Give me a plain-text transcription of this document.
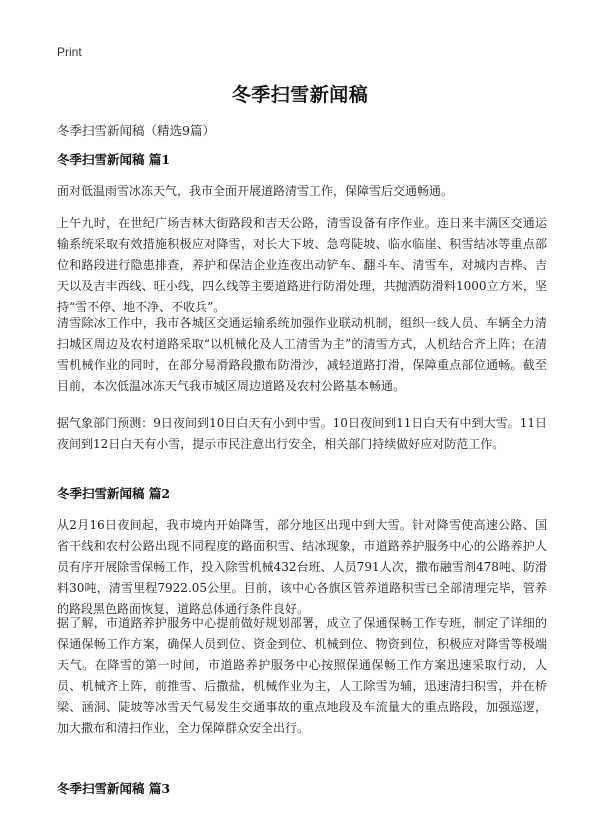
Print
冬季扫雪新闻稿
冬季扫雪新闻稿（精选9篇）
冬季扫雪新闻稿 篇1
面对低温雨雪冰冻天气，我市全面开展道路清雪工作，保障雪后交通畅通。
上午九时，在世纪广场吉林大街路段和吉天公路，清雪设备有序作业。连日来丰满区交通运输系统采取有效措施积极应对降雪，对长大下坡、急弯陡坡、临水临崖、积雪结冰等重点部位和路段进行隐患排查，养护和保洁企业连夜出动铲车、翻斗车、清雪车，对城内吉桦、吉天以及吉丰西线、旺小线，四么线等主要道路进行防滑处理，共抛洒防滑料1000立方米，坚持“雪不停、地不净、不收兵”。
清雪除冰工作中，我市各城区交通运输系统加强作业联动机制，组织一线人员、车辆全力清扫城区周边及农村道路采取“以机械化及人工清雪为主”的清雪方式，人机结合齐上阵；在清雪机械作业的同时，在部分易滑路段撒布防滑沙，减轻道路打滑，保障重点部位通畅。截至目前，本次低温冰冻天气我市城区周边道路及农村公路基本畅通。
据气象部门预测：9日夜间到10日白天有小到中雪。10日夜间到11日白天有中到大雪。11日夜间到12日白天有小雪，提示市民注意出行安全，相关部门持续做好应对防范工作。
冬季扫雪新闻稿 篇2
从2月16日夜间起，我市境内开始降雪，部分地区出现中到大雪。针对降雪使高速公路、国省干线和农村公路出现不同程度的路面积雪、结冰现象，市道路养护服务中心的公路养护人员有序开展除雪保畅工作，投入除雪机械432台班、人员791人次，撒布融雪剂478吨、防滑料30吨，清雪里程7922.05公里。目前，该中心各旗区管养道路积雪已全部清理完毕，管养的路段黑色路面恢复，道路总体通行条件良好。
据了解，市道路养护服务中心提前做好规划部署，成立了保通保畅工作专班，制定了详细的保通保畅工作方案，确保人员到位、资金到位、机械到位、物资到位，积极应对降雪等极端天气。在降雪的第一时间，市道路养护服务中心按照保通保畅工作方案迅速采取行动，人员、机械齐上阵，前推雪、后撒盐，机械作业为主，人工除雪为辅，迅速清扫积雪，并在桥梁、涵洞、陡坡等冰雪天气易发生交通事故的重点地段及车流量大的重点路段，加强巡逻，加大撒布和清扫作业，全力保障群众安全出行。
冬季扫雪新闻稿 篇3
